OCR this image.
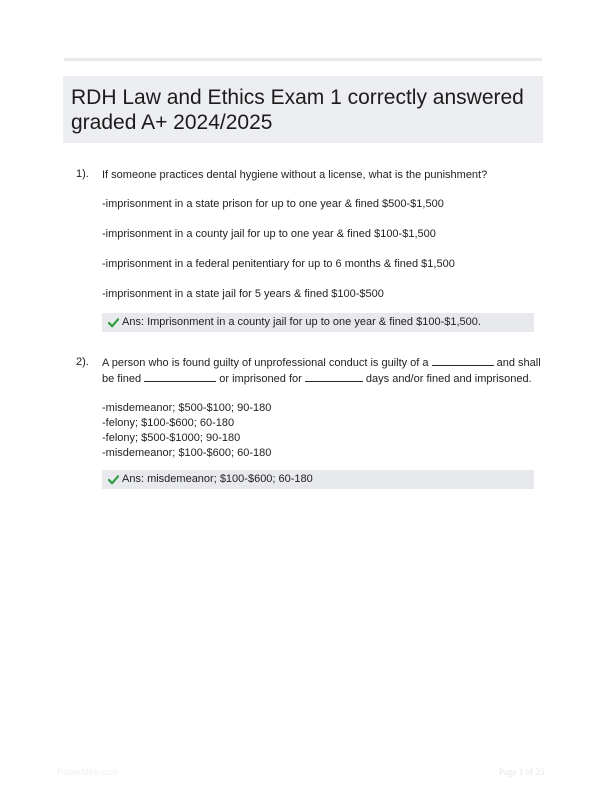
RDH Law and Ethics Exam 1 correctly answered graded A+ 2024/2025
1). If someone practices dental hygiene without a license, what is the punishment?

-imprisonment in a state prison for up to one year & fined $500-$1,500

-imprisonment in a county jail for up to one year & fined $100-$1,500

-imprisonment in a federal penitentiary for up to 6 months & fined $1,500

-imprisonment in a state jail for 5 years & fined $100-$500

Ans: Imprisonment in a county jail for up to one year & fined $100-$1,500.
2). A person who is found guilty of unprofessional conduct is guilty of a	and shall be fined	or imprisoned for	days and/or fined and imprisoned.

-misdemeanor; $500-$100; 90-180

-felony; $100-$600; 60-180

-felony; $500-$1000; 90-180

-misdemeanor; $100-$600; 60-180

Ans: misdemeanor; $100-$600; 60-180
PaperMilsi.com	Page 1 of 23
